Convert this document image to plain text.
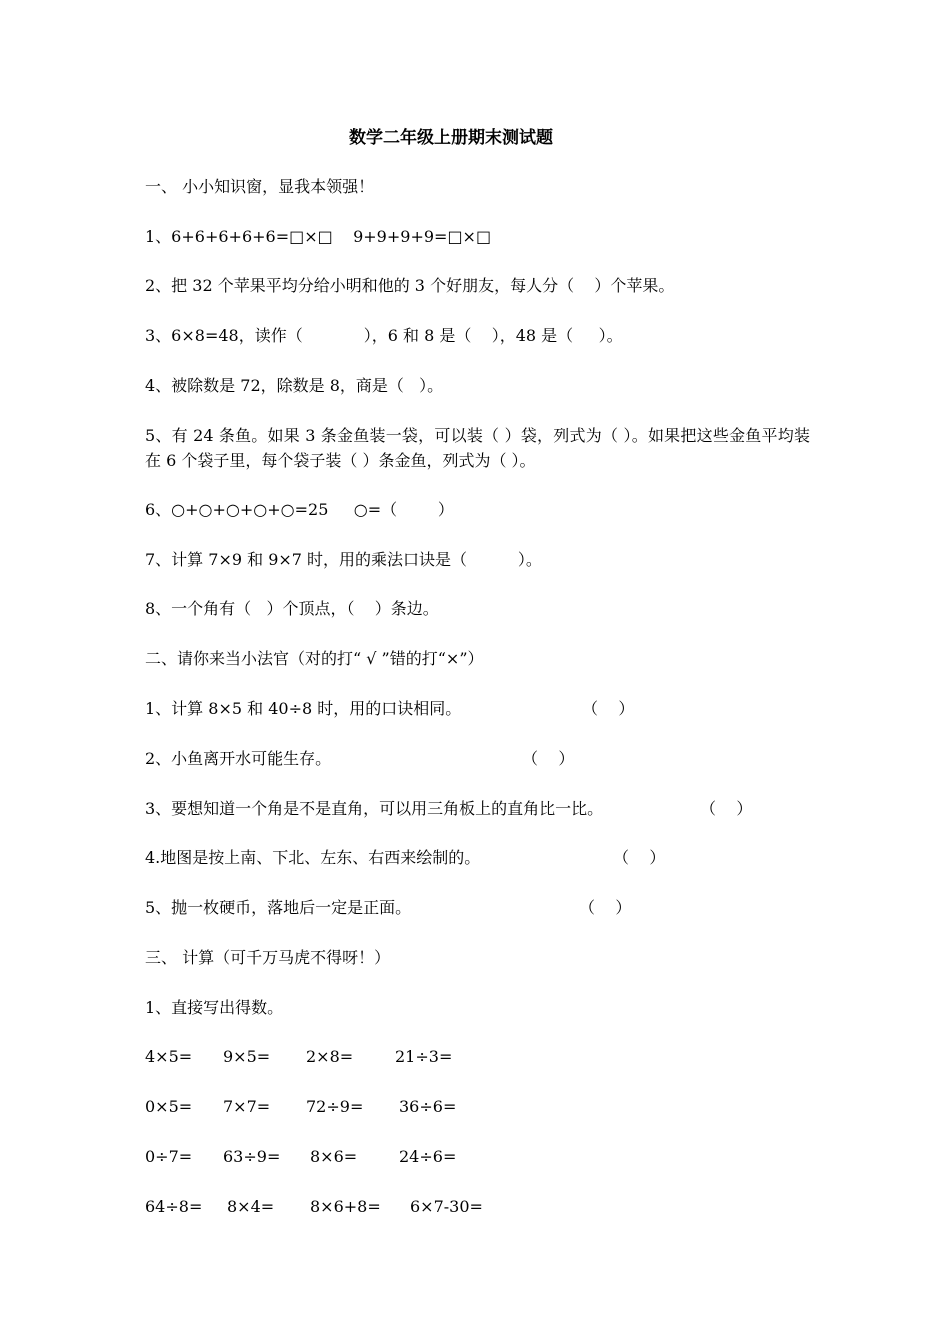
数学二年级上册期末测试题
一、 小小知识窗，显我本领强！
1、6+6+6+6+6=□×□    9+9+9+9=□×□
2、把 32 个苹果平均分给小明和他的 3 个好朋友，每人分（    ）个苹果。
3、6×8=48，读作（            ），6 和 8 是（    ），48 是（     ）。
4、被除数是 72，除数是 8，商是（   ）。
5、有 24 条鱼。如果 3 条金鱼装一袋，可以装（ ）袋，列式为（ ）。如果把这些金鱼平均装在 6 个袋子里，每个袋子装（ ）条金鱼，列式为（ ）。
6、○+○+○+○+○=25     ○=（        ）
7、计算 7×9 和 9×7 时，用的乘法口诀是（          ）。
8、一个角有（   ）个顶点，（    ）条边。
二、请你来当小法官（对的打“ √ ”错的打“×”）
1、计算 8×5 和 40÷8 时，用的口诀相同。	（    ）
2、小鱼离开水可能生存。	（    ）
3、要想知道一个角是不是直角，可以用三角板上的直角比一比。	（    ）
4.地图是按上南、下北、左东、右西来绘制的。	（    ）
5、抛一枚硬币，落地后一定是正面。	（    ）
三、 计算（可千万马虎不得呀！）
1、直接写出得数。
4×5= 9×5= 2×8=	21÷3=
0×5= 7×7= 72÷9= 36÷6=
0÷7= 63÷9= 8×6=	24÷6=
64÷8= 8×4= 8×6+8= 6×7-30=
